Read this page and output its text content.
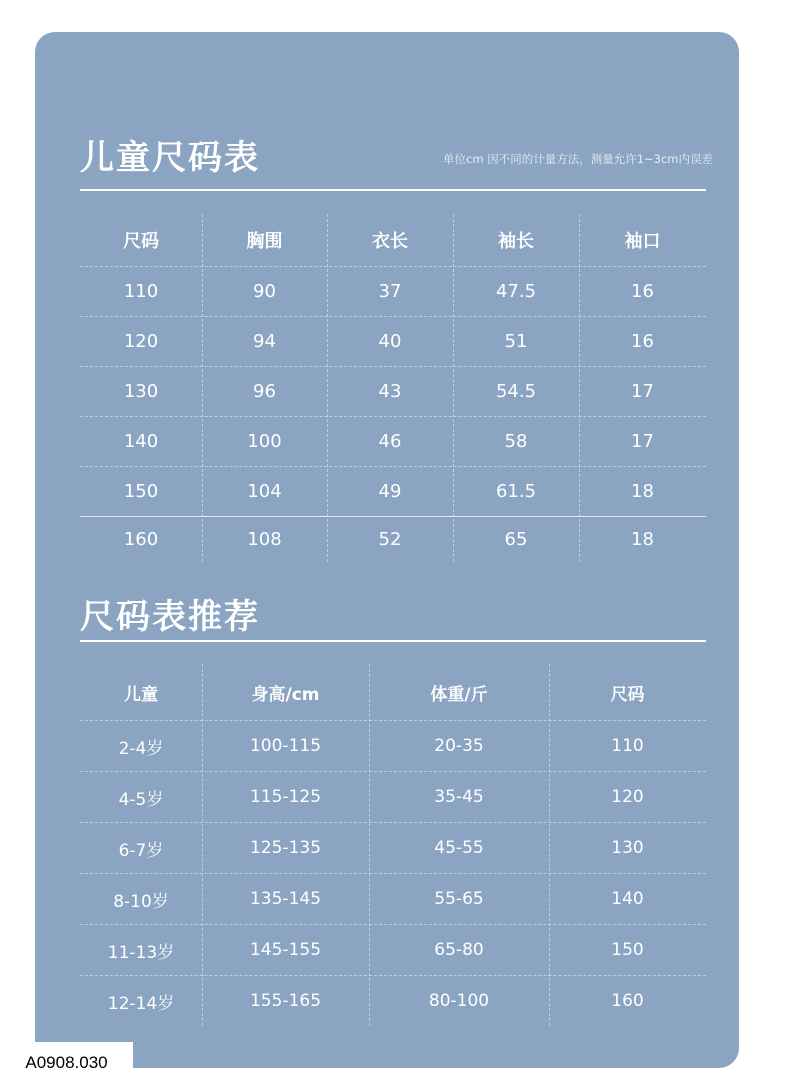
儿童尺码表	单位cm 因不同的计量方法，测量允许1~3cm内误差
尺码	胸围	衣长	袖长	袖口
110	90	37	47.5	16
120	94	40	51	16
130	96	43	54.5	17
140	100	46	58	17
150	104	49	61.5	18
160	108	52	65	18
尺码表推荐
儿童	身高/cm	体重/斤	尺码
2-4岁	100-115	20-35	110
4-5岁	115-125	35-45	120
6-7岁	125-135	45-55	130
8-10岁	135-145	55-65	140
11-13岁	145-155	65-80	150
12-14岁	155-165	80-100	160
A0908.030
